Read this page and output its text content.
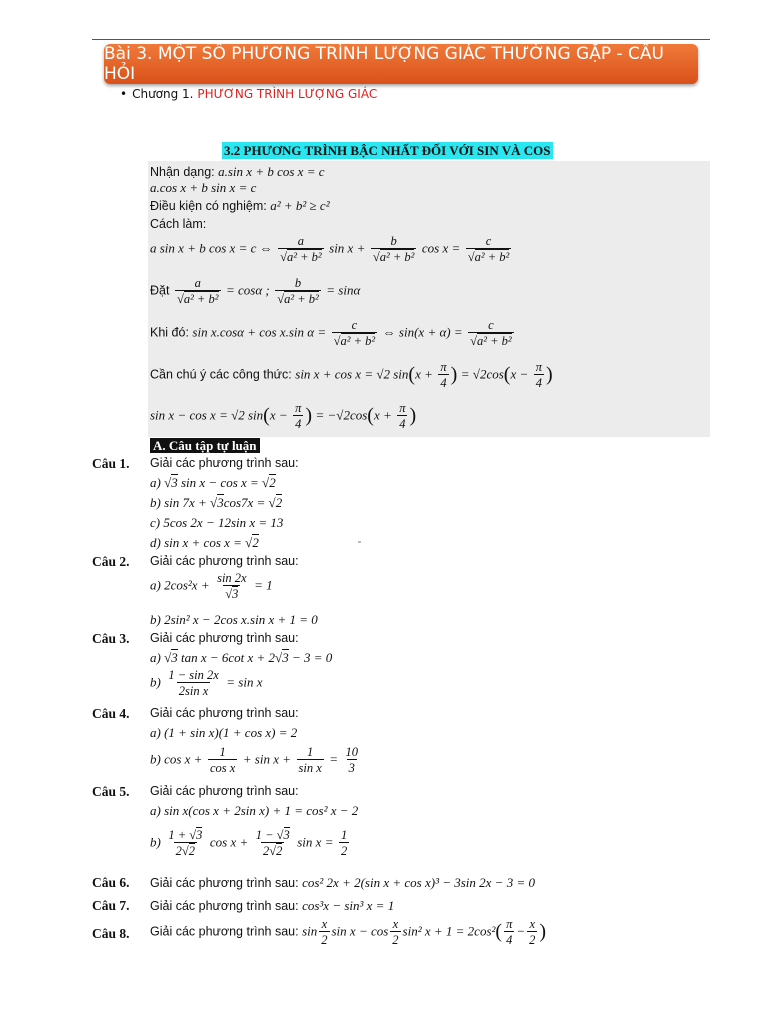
Bài 3. MỘT SỐ PHƯƠNG TRÌNH LƯỢNG GIÁC THƯỜNG GẶP - CÂU HỎI
• Chương 1. PHƯƠNG TRÌNH LƯỢNG GIÁC
3.2 PHƯƠNG TRÌNH BẬC NHẤT ĐỐI VỚI SIN VÀ COS
Nhận dạng: a.sin x + b cos x = c
a.cos x + b sin x = c
Điều kiện có nghiệm: a² + b² ≥ c²
Cách làm:
a sin x + b cos x = c ⇔ $\frac{a}{\text{√a² + b²}}$ $\sin x + \frac{b}{\text{√a² + b²}}$ $\cos x = \frac{c}{\text{√a² + b²}}$
Đặt $\frac{a}{\text{√a² + b²}} = \cos\alpha$ ; $\frac{b}{\text{√a² + b²}} = \sin\alpha$
Khi đó: sin x.cosα + cos x.sin $\alpha = \frac{c}{\text{√a² + b²}}$ ⇔ $\sin(x + \alpha) = \frac{c}{\text{√a² + b²}}$
Cần chú ý các công thức: sin x + cos x = √2 $\sin(x + \frac{\pi}{4}$ ) = $√2\cos(x - \frac{\pi}{4}$ )
sin x − cos x = √2 $\sin(x - \frac{\pi}{4}$ ) = $-√2\cos(x + \frac{\pi}{4}$ )
A. Câu tập tự luận
Câu 1. Giải các phương trình sau:
a) √3 sin x − cos x = √2
b) sin 7x + √3cos7x = √2
c) 5cos 2x − 12sin x = 13
d) sin x + cos x = √2
Câu 2. Giải các phương trình sau:
a) $2\cos^2x + \frac{\sin 2x}{√3} = 1$
b) 2sin² x − 2cos x.sin x + 1 = 0
Câu 3. Giải các phương trình sau:
a) √3 tan x − 6cot x + 2√3 − 3 = 0
$b) \frac{1 - \sin 2x}{\text{2sin x}} = \sin x$
Câu 4. Giải các phương trình sau:
a) (1 + sin x)(1 + cos x) = 2
b) $\cos x + \frac{1}{\text{cos x}} + \sin x + \frac{1}{\text{sin x}} = \frac{10}{3}$
Câu 5. Giải các phương trình sau:
a) sin x(cos x + 2sin x) + 1 = cos² x − 2
$b) \frac{1 + √3}{2√2}$ $\cos x + \frac{1 - √3}{2√2}$ $\sin x = \frac{1}{2}$
Câu 6. Giải các phương trình sau: cos² 2x + 2(sin x + cos x)³ − 3sin 2x − 3 = 0
Câu 7. Giải các phương trình sau: cos³x − sin³ x = 1
Câu 8. Giải các phương trình sau: $\sin \frac{x}{2}$ $\sin x - \cos \frac{x}{2} \sin^2$ $x + 1 = 2\cos^2( \frac{\pi}{4} - \frac{x}{2}$ )
